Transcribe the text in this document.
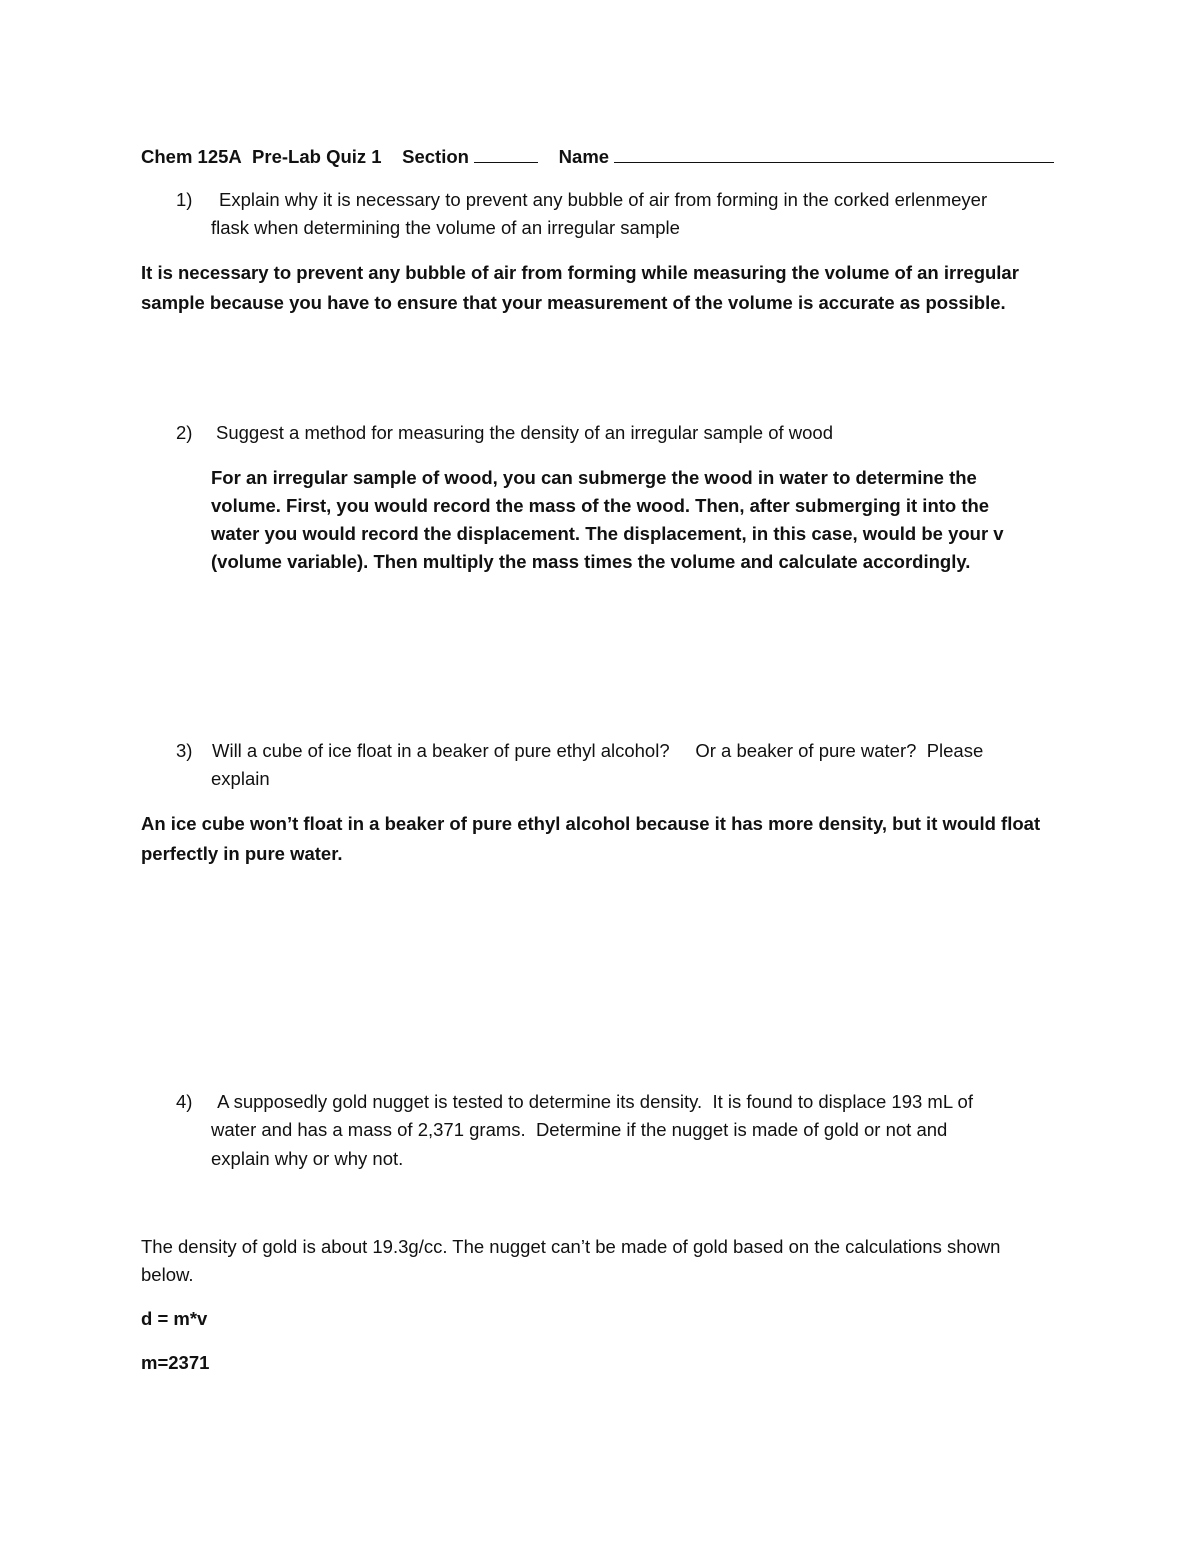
Chem 125A Pre-Lab Quiz 1 Section	Name
1) Explain why it is necessary to prevent any bubble of air from forming in the corked erlenmeyer
flask when determining the volume of an irregular sample
It is necessary to prevent any bubble of air from forming while measuring the volume of an irregular
sample because you have to ensure that your measurement of the volume is accurate as possible.
2) Suggest a method for measuring the density of an irregular sample of wood
For an irregular sample of wood, you can submerge the wood in water to determine the
volume. First, you would record the mass of the wood. Then, after submerging it into the
water you would record the displacement. The displacement, in this case, would be your v
(volume variable). Then multiply the mass times the volume and calculate accordingly.
3) Will a cube of ice float in a beaker of pure ethyl alcohol?     Or a beaker of pure water?  Please
explain
An ice cube won’t float in a beaker of pure ethyl alcohol because it has more density, but it would float
perfectly in pure water.
4) A supposedly gold nugget is tested to determine its density.  It is found to displace 193 mL of
water and has a mass of 2,371 grams.  Determine if the nugget is made of gold or not and
explain why or why not.
The density of gold is about 19.3g/cc. The nugget can’t be made of gold based on the calculations shown
below.
d = m*v
m=2371
